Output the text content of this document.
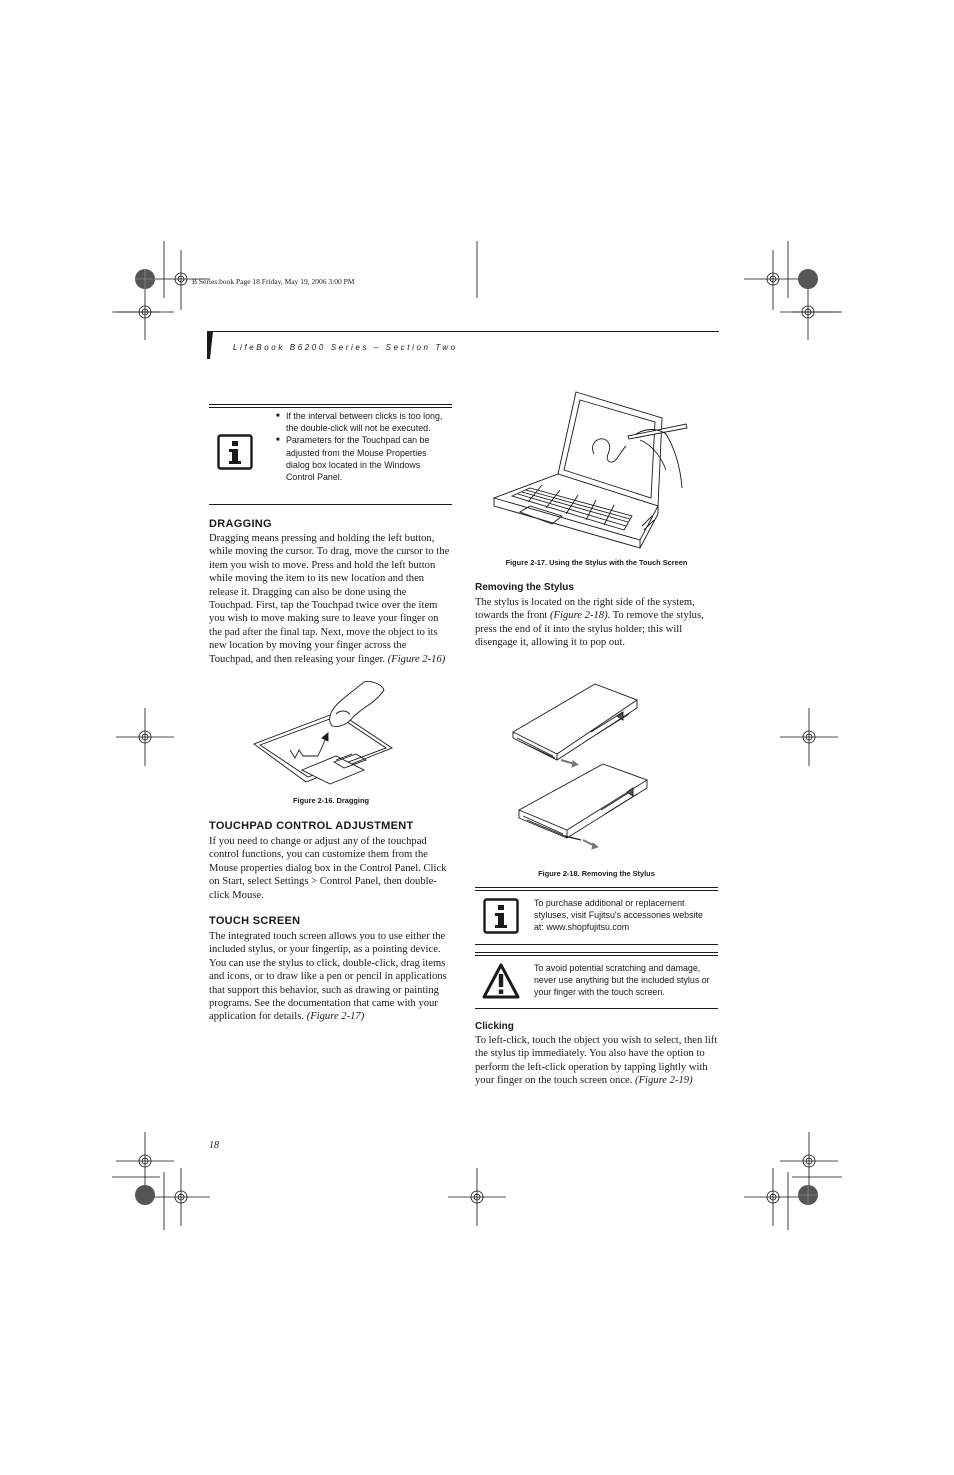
B Series.book Page 18 Friday, May 19, 2006 3:00 PM
LifeBook B6200 Series – Section Two
■ If the interval between clicks is too long, the double-click will not be executed.
■ Parameters for the Touchpad can be adjusted from the Mouse Properties dialog box located in the Windows Control Panel.
DRAGGING
Dragging means pressing and holding the left button, while moving the cursor. To drag, move the cursor to the item you wish to move. Press and hold the left button while moving the item to its new location and then release it. Dragging can also be done using the Touchpad. First, tap the Touchpad twice over the item you wish to move making sure to leave your finger on the pad after the final tap. Next, move the object to its new location by moving your finger across the Touchpad, and then releasing your finger. (Figure 2-16)
Figure 2-16. Dragging
TOUCHPAD CONTROL ADJUSTMENT
If you need to change or adjust any of the touchpad control functions, you can customize them from the Mouse properties dialog box in the Control Panel. Click on Start, select Settings > Control Panel, then double-click Mouse.
TOUCH SCREEN
The integrated touch screen allows you to use either the included stylus, or your fingertip, as a pointing device. You can use the stylus to click, double-click, drag items and icons, or to draw like a pen or pencil in applications that support this behavior, such as drawing or painting programs. See the documentation that came with your application for details. (Figure 2-17)
18
Figure 2-17. Using the Stylus with the Touch Screen
Removing the Stylus
The stylus is located on the right side of the system, towards the front (Figure 2-18). To remove the stylus, press the end of it into the stylus holder; this will disengage it, allowing it to pop out.
Figure 2-18. Removing the Stylus
To purchase additional or replacement styluses, visit Fujitsu's accessories website at: www.shopfujitsu.com
To avoid potential scratching and damage, never use anything but the included stylus or your finger with the touch screen.
Clicking
To left-click, touch the object you wish to select, then lift the stylus tip immediately. You also have the option to perform the left-click operation by tapping lightly with your finger on the touch screen once. (Figure 2-19)
